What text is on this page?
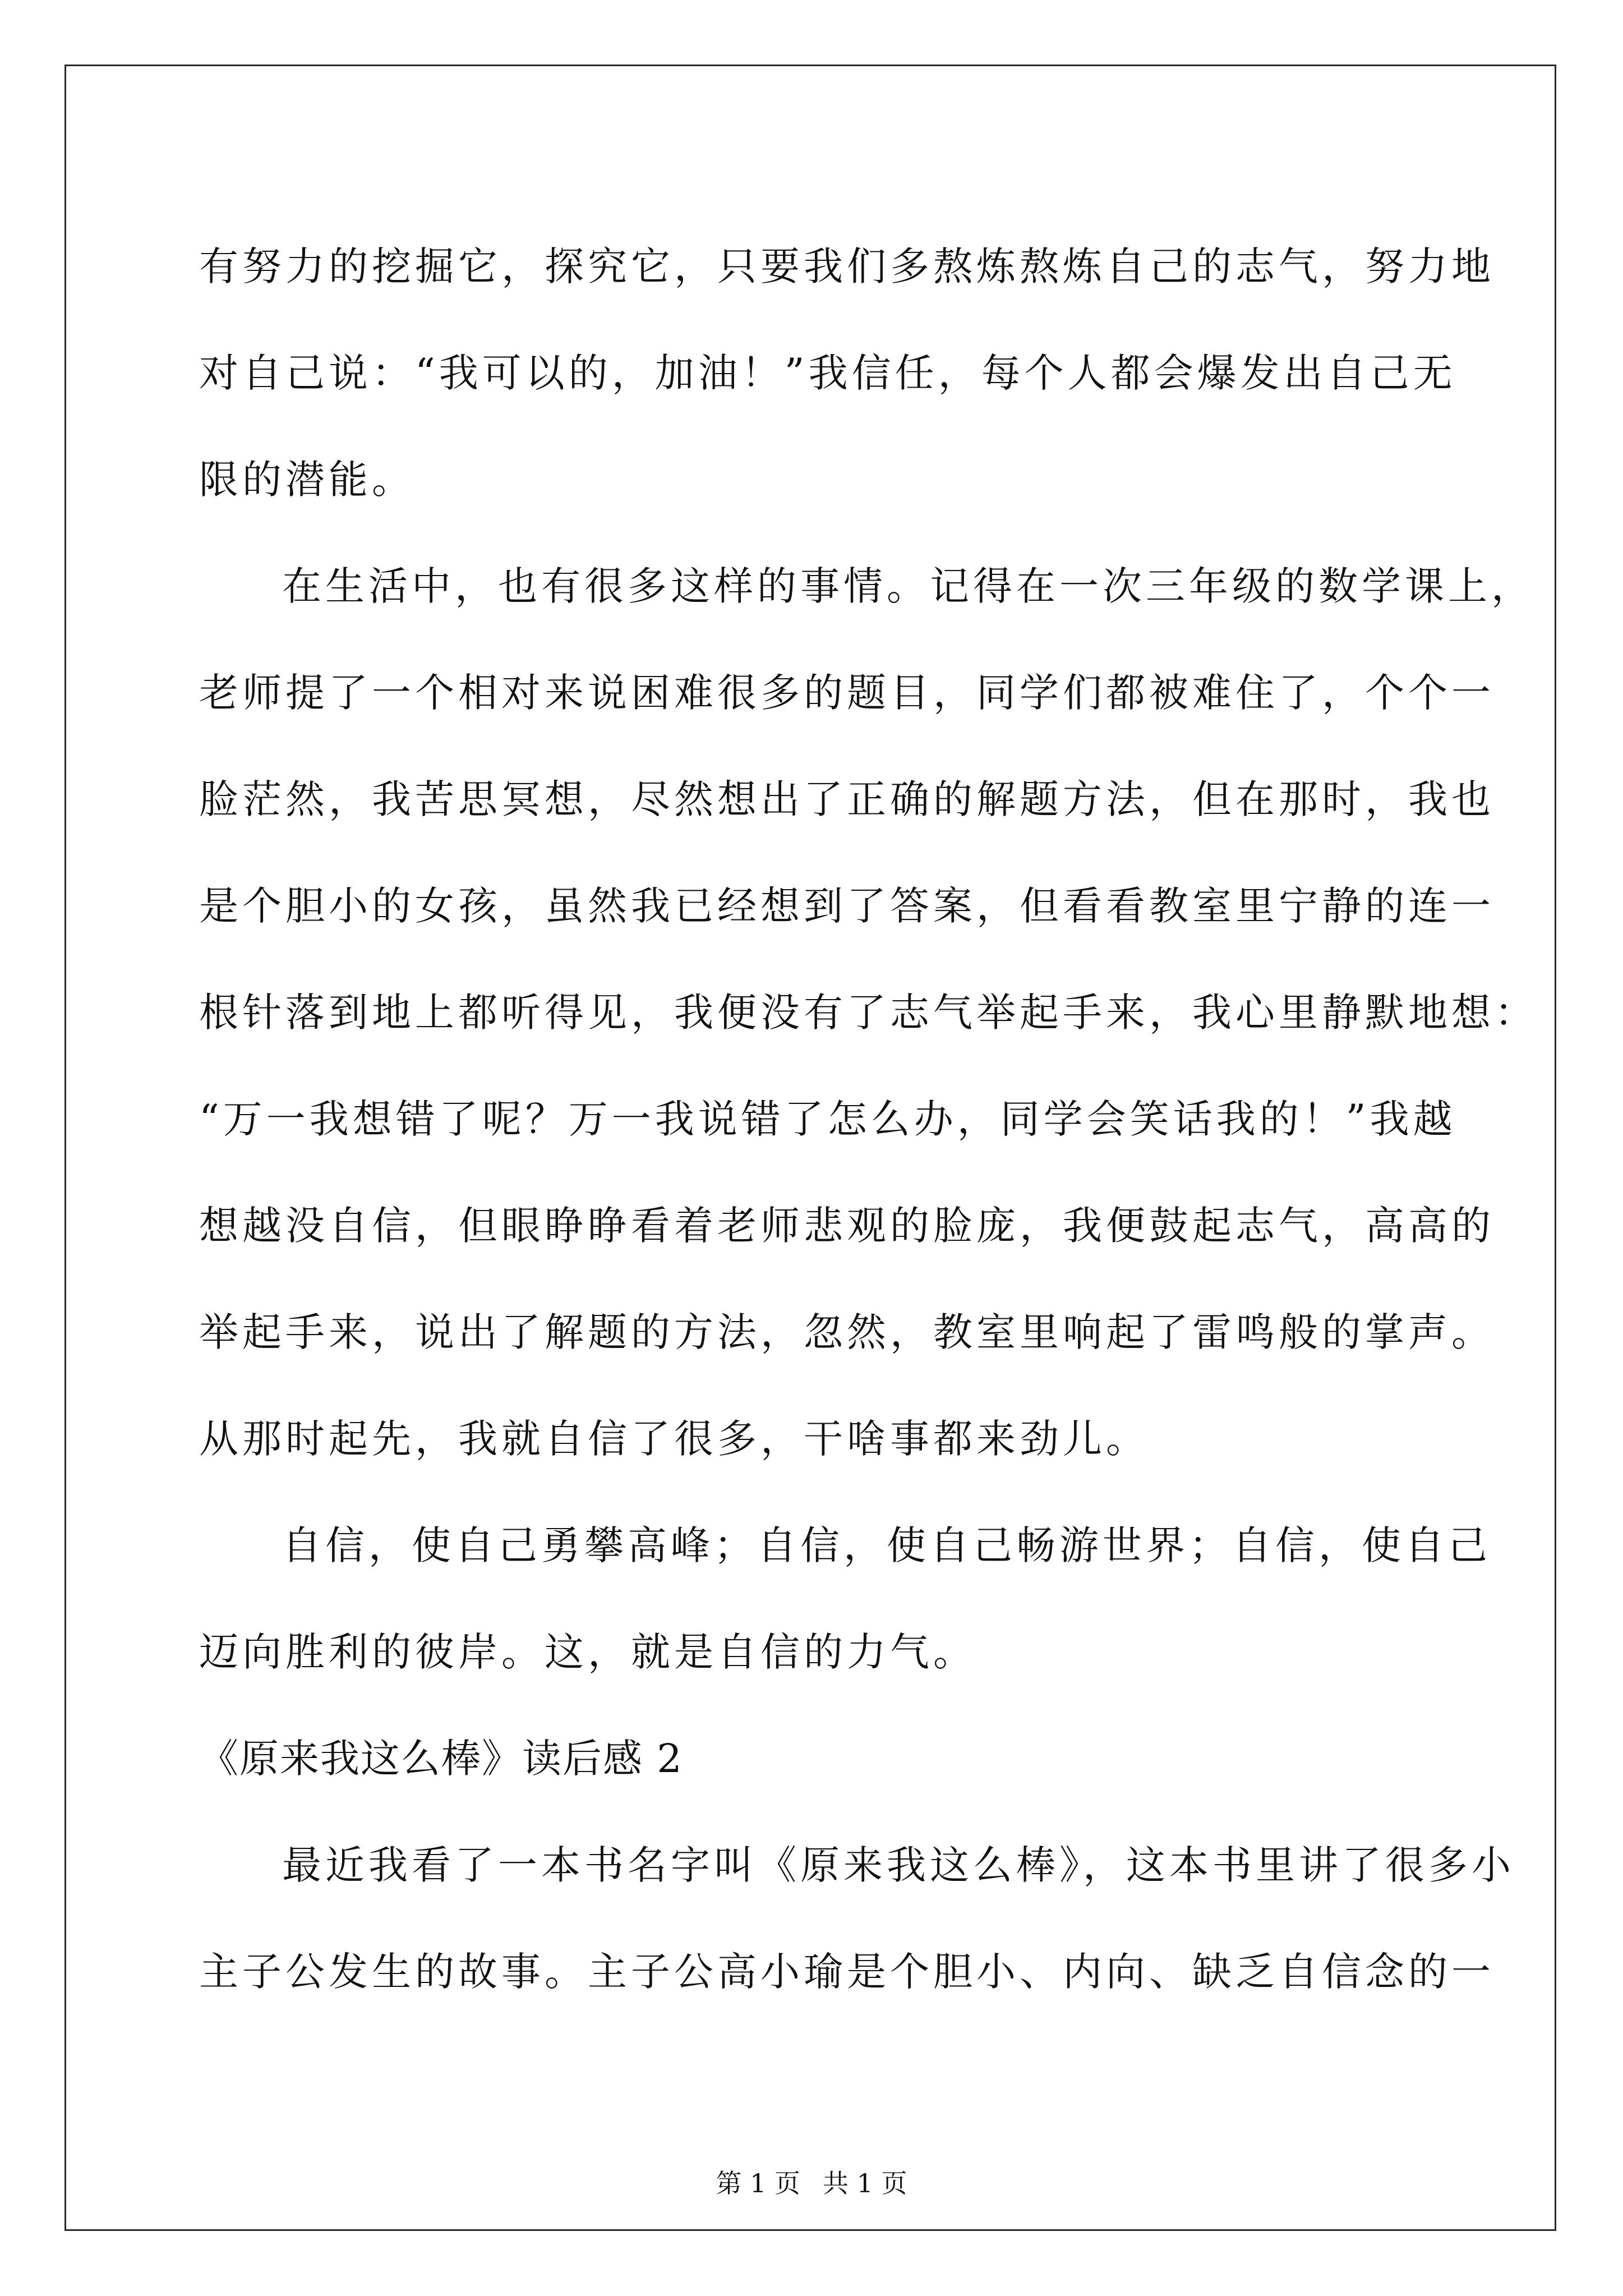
有努力的挖掘它，探究它，只要我们多熬炼熬炼自己的志气，努力地
对自己说：“我可以的，加油！”我信任，每个人都会爆发出自己无
限的潜能。
在生活中，也有很多这样的事情。记得在一次三年级的数学课上，
老师提了一个相对来说困难很多的题目，同学们都被难住了，个个一
脸茫然，我苦思冥想，尽然想出了正确的解题方法，但在那时，我也
是个胆小的女孩，虽然我已经想到了答案，但看看教室里宁静的连一
根针落到地上都听得见，我便没有了志气举起手来，我心里静默地想：
“万一我想错了呢？万一我说错了怎么办，同学会笑话我的！”我越
想越没自信，但眼睁睁看着老师悲观的脸庞，我便鼓起志气，高高的
举起手来，说出了解题的方法，忽然，教室里响起了雷鸣般的掌声。
从那时起先，我就自信了很多，干啥事都来劲儿。
自信，使自己勇攀高峰；自信，使自己畅游世界；自信，使自己
迈向胜利的彼岸。这，就是自信的力气。
《原来我这么棒》读后感 2
最近我看了一本书名字叫《原来我这么棒》，这本书里讲了很多小
主子公发生的故事。主子公高小瑜是个胆小、内向、缺乏自信念的一
第 1 页 共 1 页
